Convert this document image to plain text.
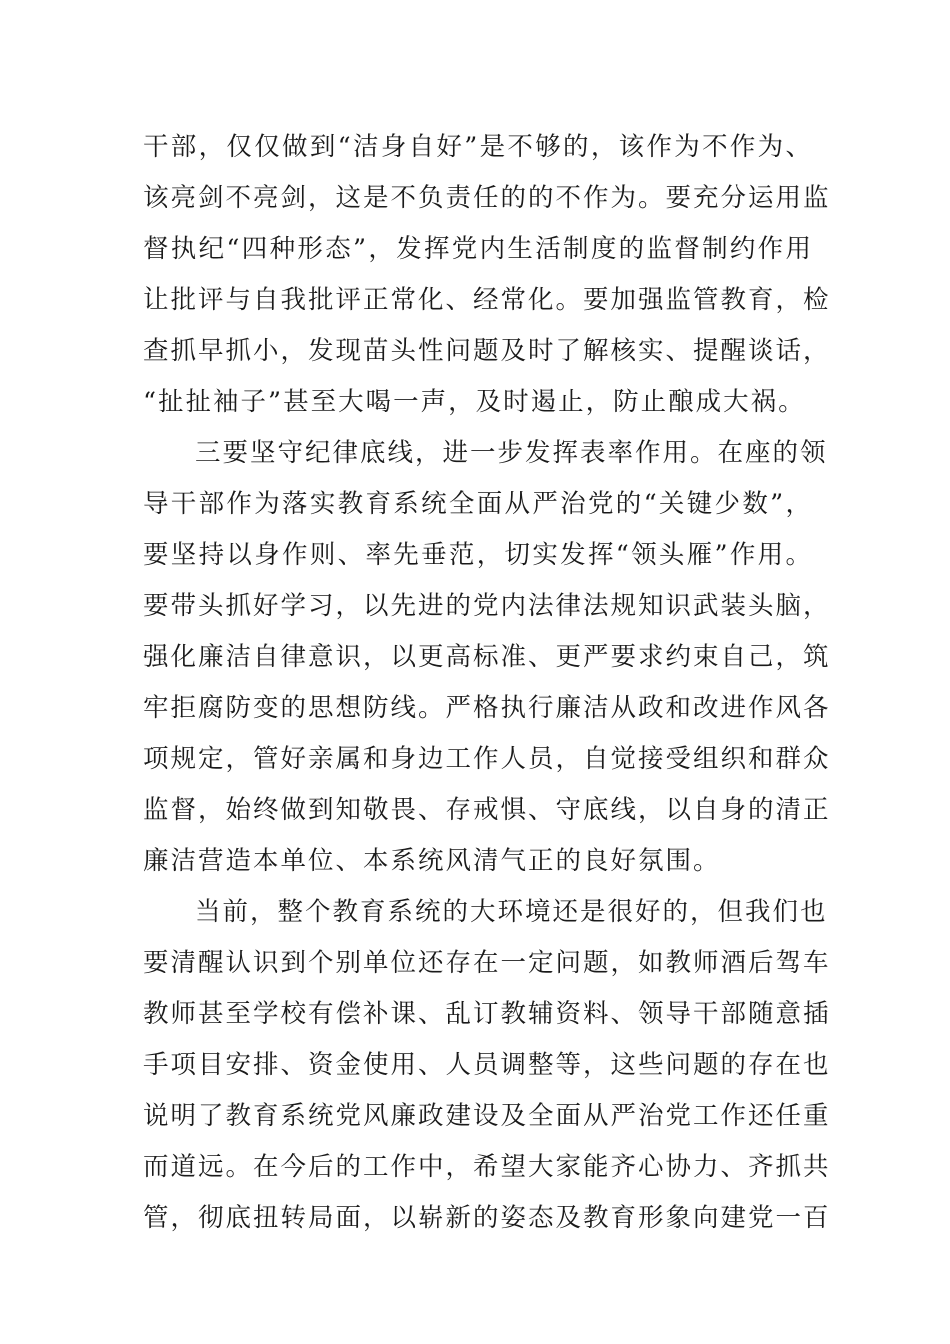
干部，仅仅做到“洁身自好”是不够的，该作为不作为、
该亮剑不亮剑，这是不负责任的的不作为。要充分运用监
督执纪“四种形态”，发挥党内生活制度的监督制约作用
让批评与自我批评正常化、经常化。要加强监管教育，检
查抓早抓小，发现苗头性问题及时了解核实、提醒谈话，
“扯扯袖子”甚至大喝一声，及时遏止，防止酿成大祸。
三要坚守纪律底线，进一步发挥表率作用。在座的领
导干部作为落实教育系统全面从严治党的“关键少数”，
要坚持以身作则、率先垂范，切实发挥“领头雁”作用。
要带头抓好学习，以先进的党内法律法规知识武装头脑，
强化廉洁自律意识，以更高标准、更严要求约束自己，筑
牢拒腐防变的思想防线。严格执行廉洁从政和改进作风各
项规定，管好亲属和身边工作人员，自觉接受组织和群众
监督，始终做到知敬畏、存戒惧、守底线，以自身的清正
廉洁营造本单位、本系统风清气正的良好氛围。
当前，整个教育系统的大环境还是很好的，但我们也
要清醒认识到个别单位还存在一定问题，如教师酒后驾车
教师甚至学校有偿补课、乱订教辅资料、领导干部随意插
手项目安排、资金使用、人员调整等，这些问题的存在也
说明了教育系统党风廉政建设及全面从严治党工作还任重
而道远。在今后的工作中，希望大家能齐心协力、齐抓共
管，彻底扭转局面，以崭新的姿态及教育形象向建党一百
